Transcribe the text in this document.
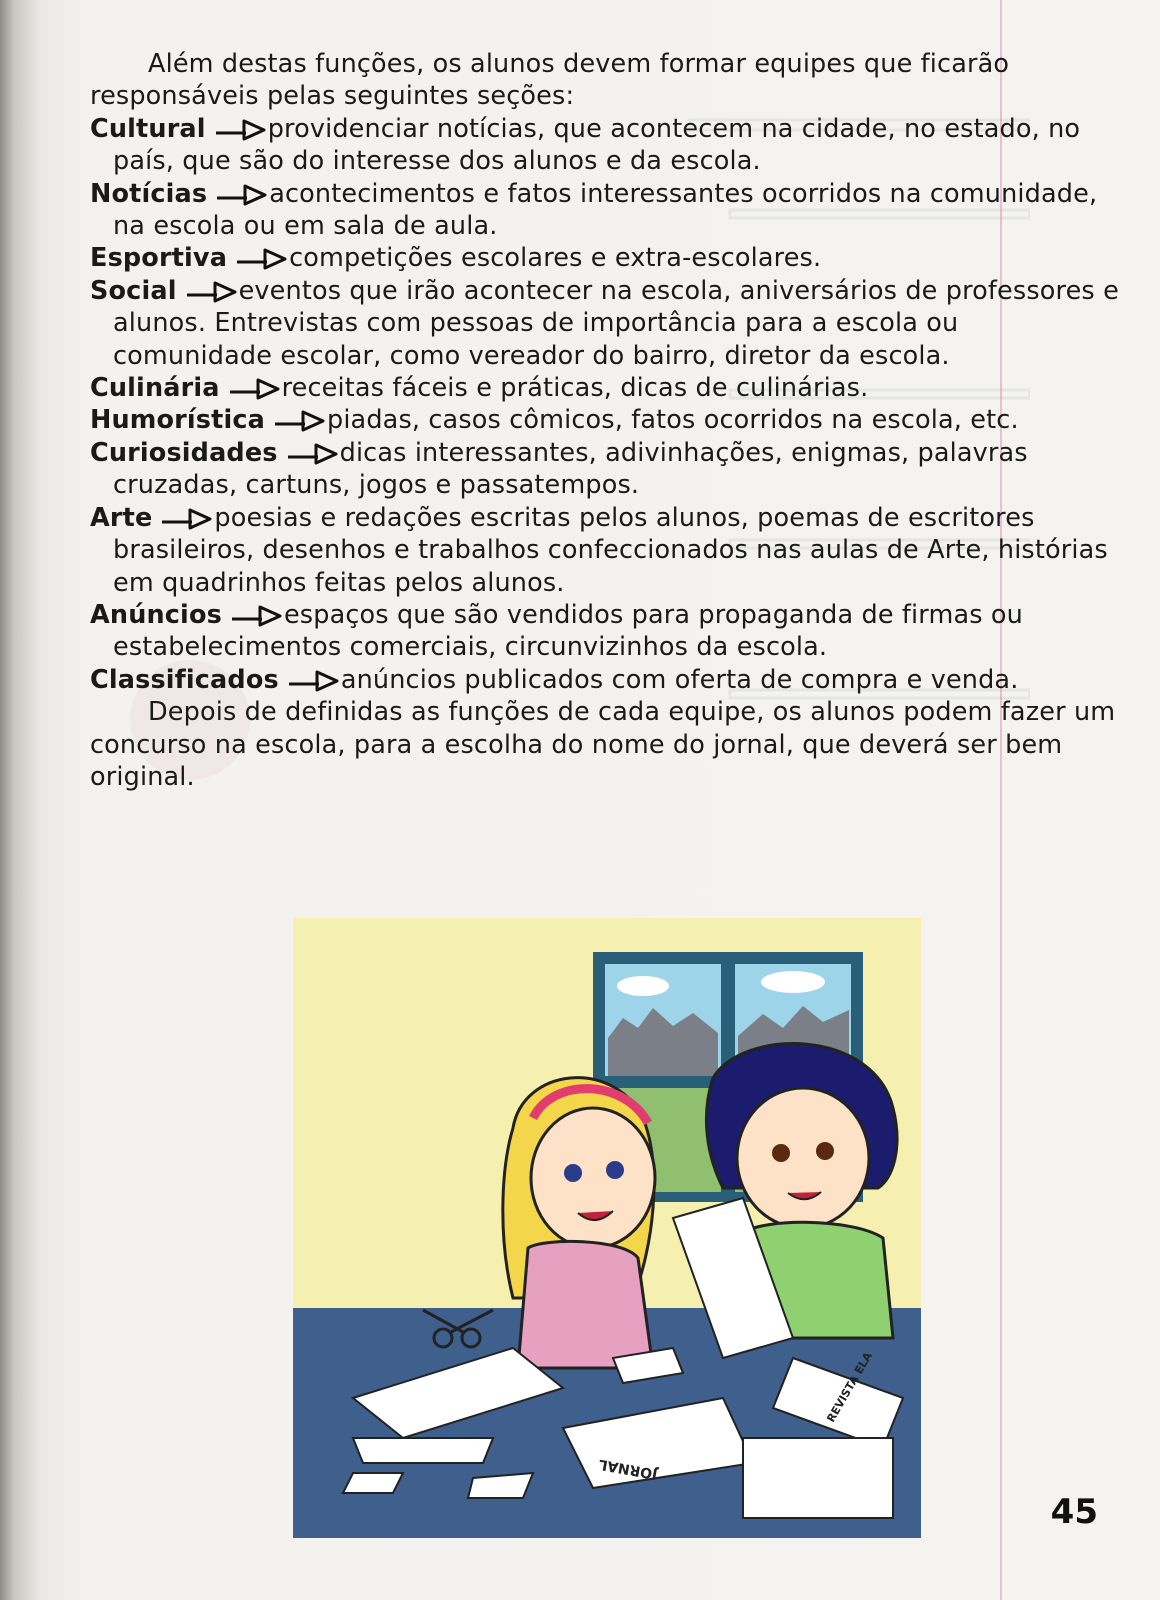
Além destas funções, os alunos devem formar equipes que ficarão responsáveis pelas seguintes seções:

Cultural providenciar notícias, que acontecem na cidade, no estado, no país, que são do interesse dos alunos e da escola.

Notícias acontecimentos e fatos interessantes ocorridos na comunidade, na escola ou em sala de aula.

Esportiva competições escolares e extra-escolares.

Social eventos que irão acontecer na escola, aniversários de professores e alunos. Entrevistas com pessoas de importância para a escola ou comunidade escolar, como vereador do bairro, diretor da escola.

Culinária receitas fáceis e práticas, dicas de culinárias.

Humorística piadas, casos cômicos, fatos ocorridos na escola, etc.

Curiosidades dicas interessantes, adivinhações, enigmas, palavras cruzadas, cartuns, jogos e passatempos.

Arte poesias e redações escritas pelos alunos, poemas de escritores brasileiros, desenhos e trabalhos confeccionados nas aulas de Arte, histórias em quadrinhos feitas pelos alunos.

Anúncios espaços que são vendidos para propaganda de firmas ou estabelecimentos comerciais, circunvizinhos da escola.

Classificados anúncios publicados com oferta de compra e venda.

Depois de definidas as funções de cada equipe, os alunos podem fazer um concurso na escola, para a escolha do nome do jornal, que deverá ser bem original.

JORNAL
REVISTA ELA
45
